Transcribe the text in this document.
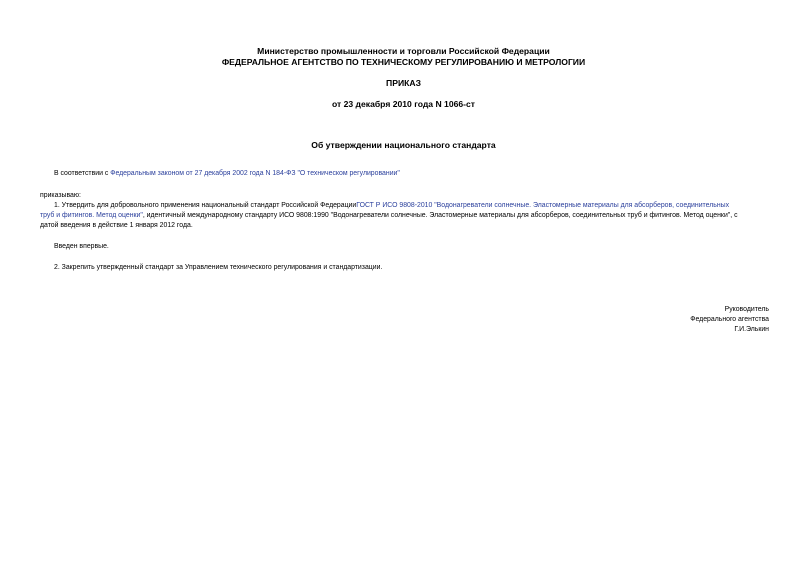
Министерство промышленности и торговли Российской Федерации
ФЕДЕРАЛЬНОЕ АГЕНТСТВО ПО ТЕХНИЧЕСКОМУ РЕГУЛИРОВАНИЮ И МЕТРОЛОГИИ
ПРИКАЗ
от 23 декабря 2010 года N 1066-ст
Об утверждении национального стандарта
В соответствии с Федеральным законом от 27 декабря 2002 года N 184-ФЗ "О техническом регулировании"
приказываю:
1. Утвердить для добровольного применения национальный стандарт Российской ФедерацииГОСТ Р ИСО 9808-2010 "Водонагреватели солнечные. Эластомерные материалы для абсорберов, соединительных
труб и фитингов. Метод оценки", идентичный международному стандарту ИСО 9808:1990 "Водонагреватели солнечные. Эластомерные материалы для абсорберов, соединительных труб и фитингов. Метод оценки", с
датой введения в действие 1 января 2012 года.
Введен впервые.
2. Закрепить утвержденный стандарт за Управлением технического регулирования и стандартизации.
Руководитель
Федерального агентства
Г.И.Элькин
